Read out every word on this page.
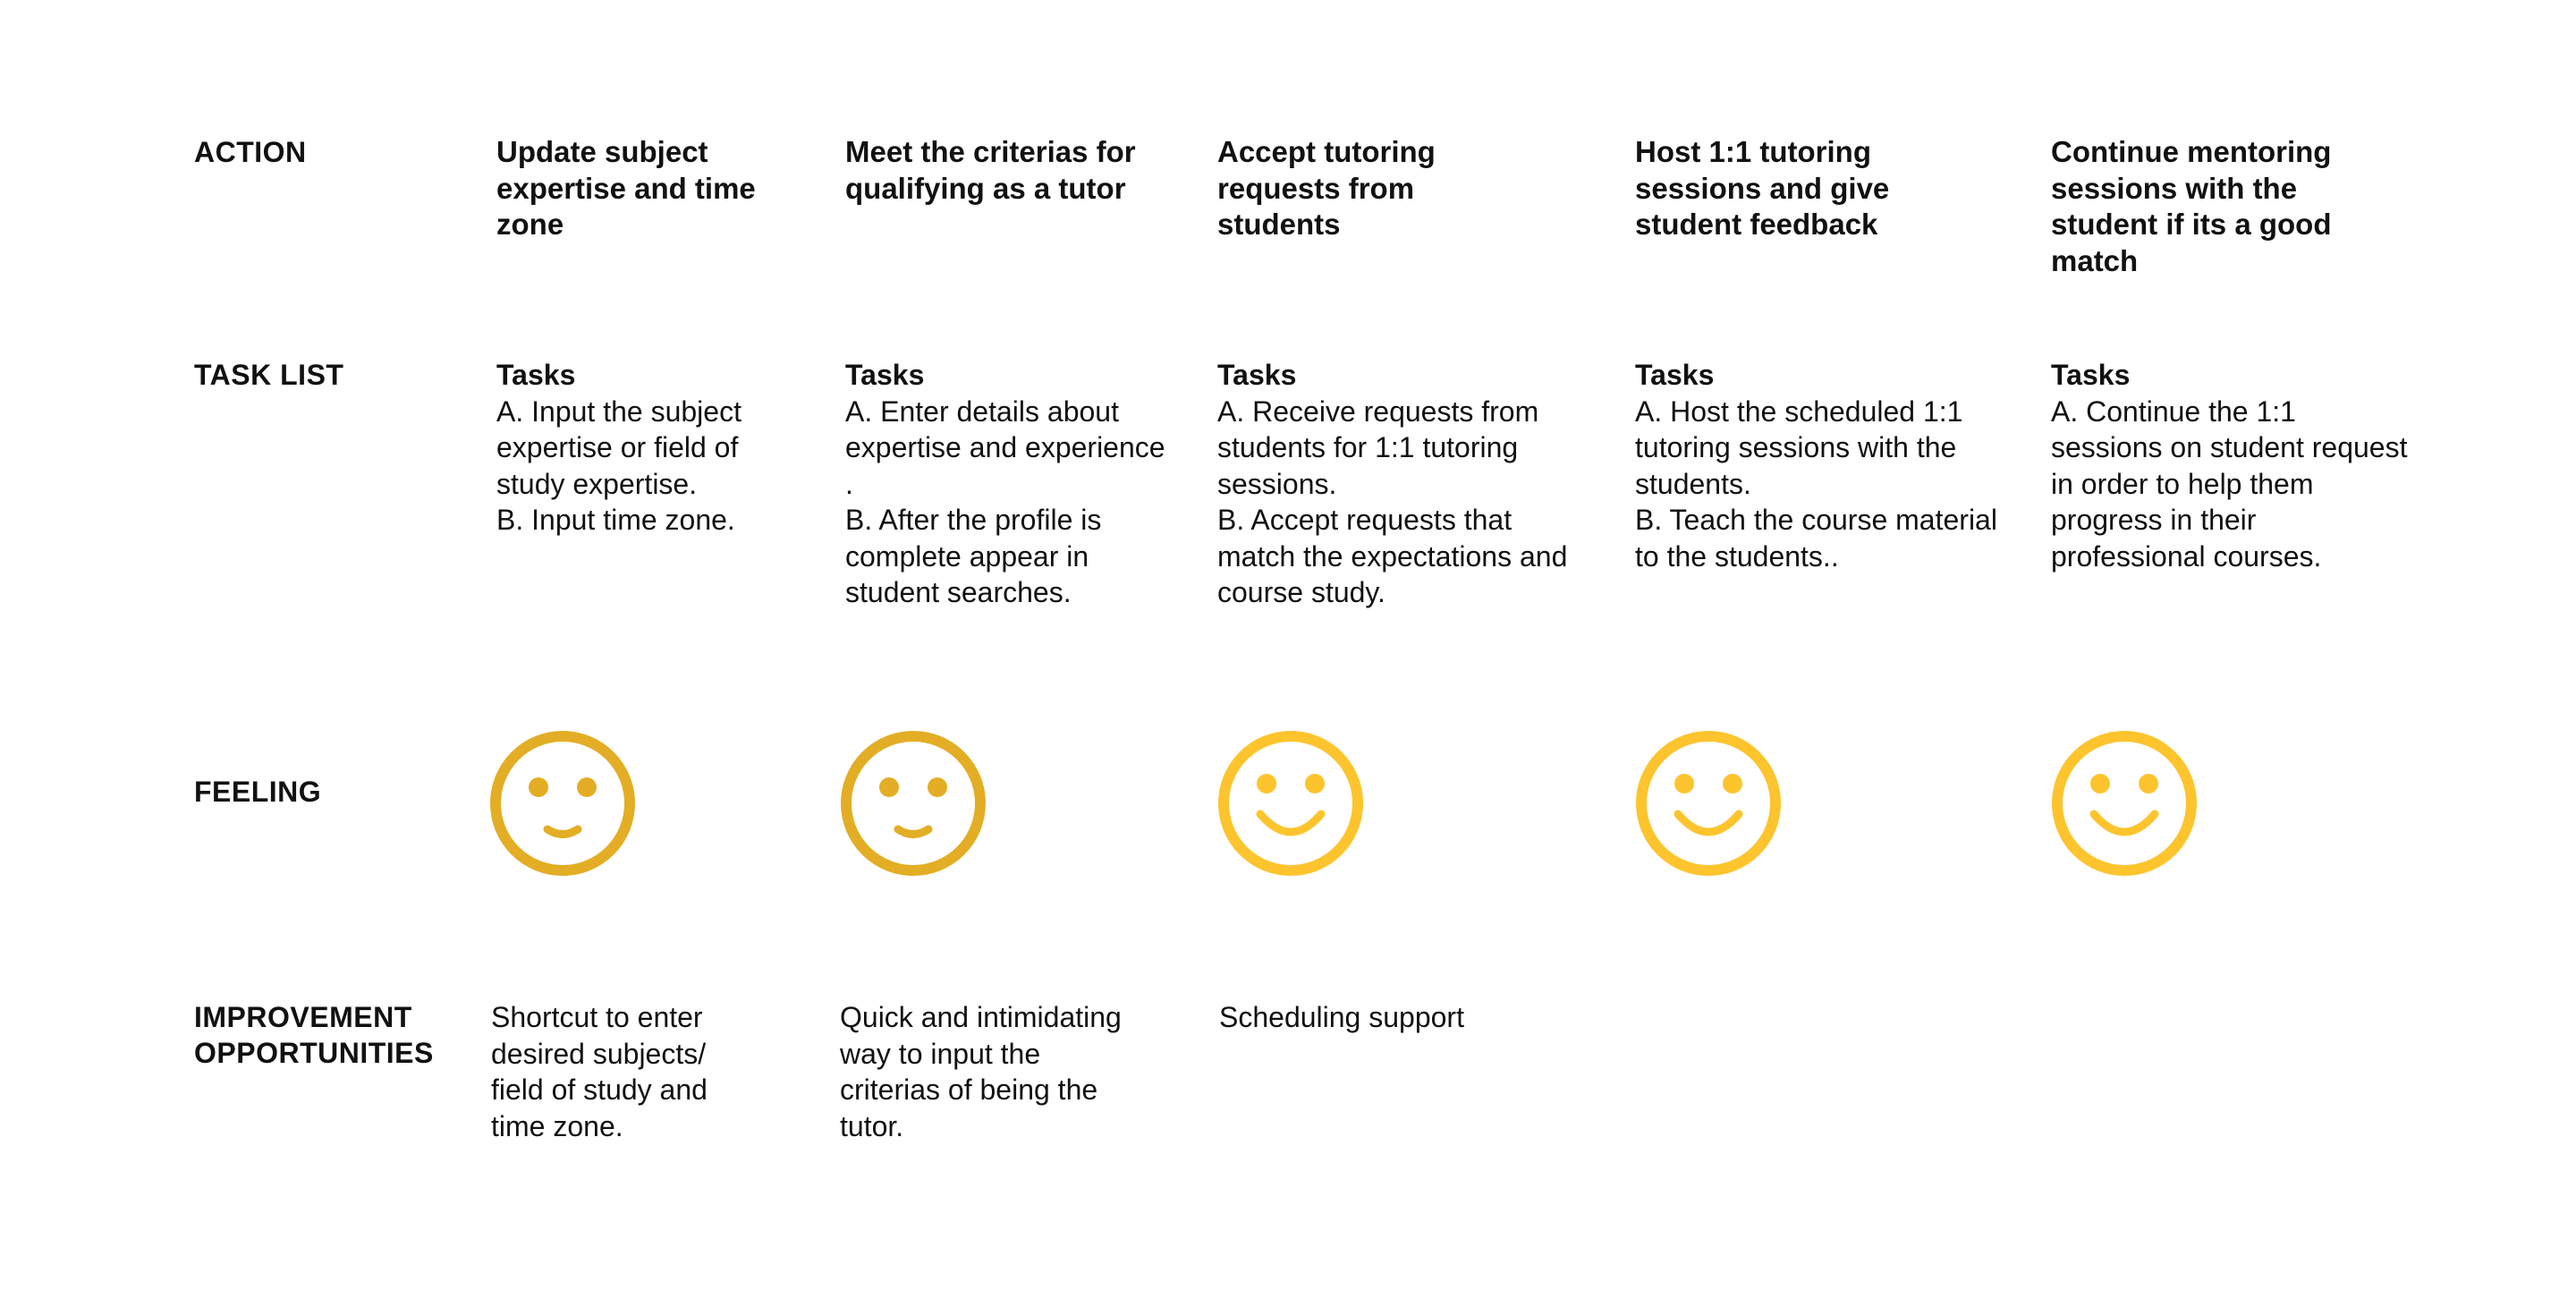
ACTION
TASK LIST
FEELING
IMPROVEMENT
OPPORTUNITIES
Update subject expertise and time zone
Tasks
A. Input the subject expertise or field of study expertise.
B. Input time zone.
Shortcut to enter desired subjects/ field of study and time zone.
Meet the criterias for qualifying as a tutor
Tasks
A. Enter details about expertise and experience .
B. After the profile is complete appear in student searches.
Quick and intimidating way to input the criterias of being the tutor.
Accept tutoring requests from students
Tasks
A. Receive requests from students for 1:1 tutoring sessions.
B. Accept requests that match the expectations and course study.
Scheduling support
Host 1:1 tutoring sessions and give student feedback
Tasks
A. Host the scheduled 1:1 tutoring sessions with the students.
B. Teach the course material to the students..
Continue mentoring sessions with the student if its a good match
Tasks
A. Continue the 1:1 sessions on student request in order to help them progress in their professional courses.
